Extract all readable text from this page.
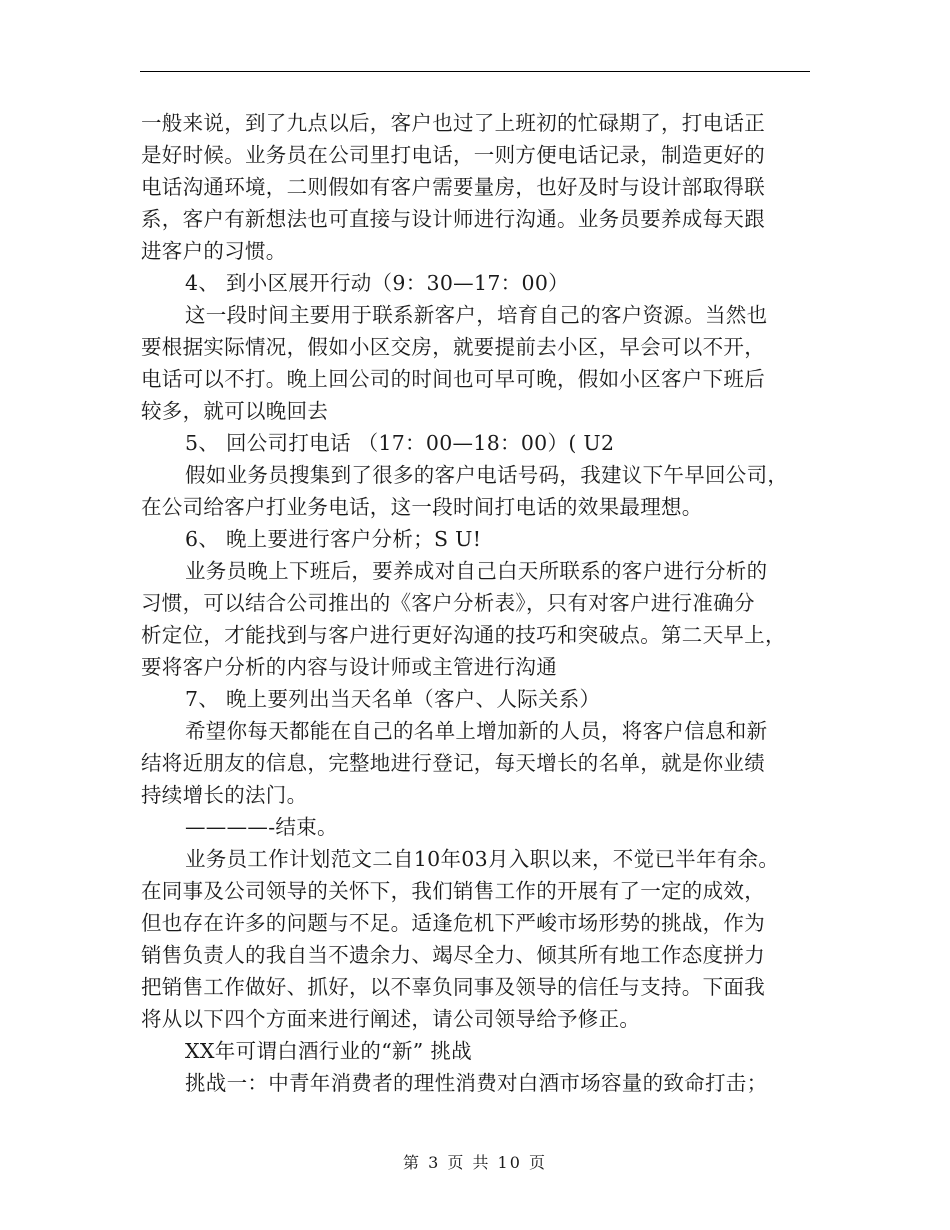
一般来说，到了九点以后，客户也过了上班初的忙碌期了，打电话正
是好时候。业务员在公司里打电话，一则方便电话记录，制造更好的
电话沟通环境，二则假如有客户需要量房，也好及时与设计部取得联
系，客户有新想法也可直接与设计师进行沟通。业务员要养成每天跟
进客户的习惯。
4、 到小区展开行动（9：30—17：00）
这一段时间主要用于联系新客户，培育自己的客户资源。当然也
要根据实际情况，假如小区交房，就要提前去小区，早会可以不开，
电话可以不打。晚上回公司的时间也可早可晚，假如小区客户下班后
较多，就可以晚回去
5、 回公司打电话 （17：00—18：00）( U2
假如业务员搜集到了很多的客户电话号码，我建议下午早回公司，
在公司给客户打业务电话，这一段时间打电话的效果最理想。
6、 晚上要进行客户分析；S U!
业务员晚上下班后，要养成对自己白天所联系的客户进行分析的
习惯，可以结合公司推出的《客户分析表》，只有对客户进行准确分
析定位，才能找到与客户进行更好沟通的技巧和突破点。第二天早上，
要将客户分析的内容与设计师或主管进行沟通
7、 晚上要列出当天名单（客户、人际关系）
希望你每天都能在自己的名单上增加新的人员，将客户信息和新
结将近朋友的信息，完整地进行登记，每天增长的名单，就是你业绩
持续增长的法门。
————-结束。
业务员工作计划范文二自10年03月入职以来，不觉已半年有余。
在同事及公司领导的关怀下，我们销售工作的开展有了一定的成效，
但也存在许多的问题与不足。适逢危机下严峻市场形势的挑战，作为
销售负责人的我自当不遗余力、竭尽全力、倾其所有地工作态度拼力
把销售工作做好、抓好，以不辜负同事及领导的信任与支持。下面我
将从以下四个方面来进行阐述，请公司领导给予修正。
XX年可谓白酒行业的“新” 挑战
挑战一：中青年消费者的理性消费对白酒市场容量的致命打击；
第 3 页 共 10 页
